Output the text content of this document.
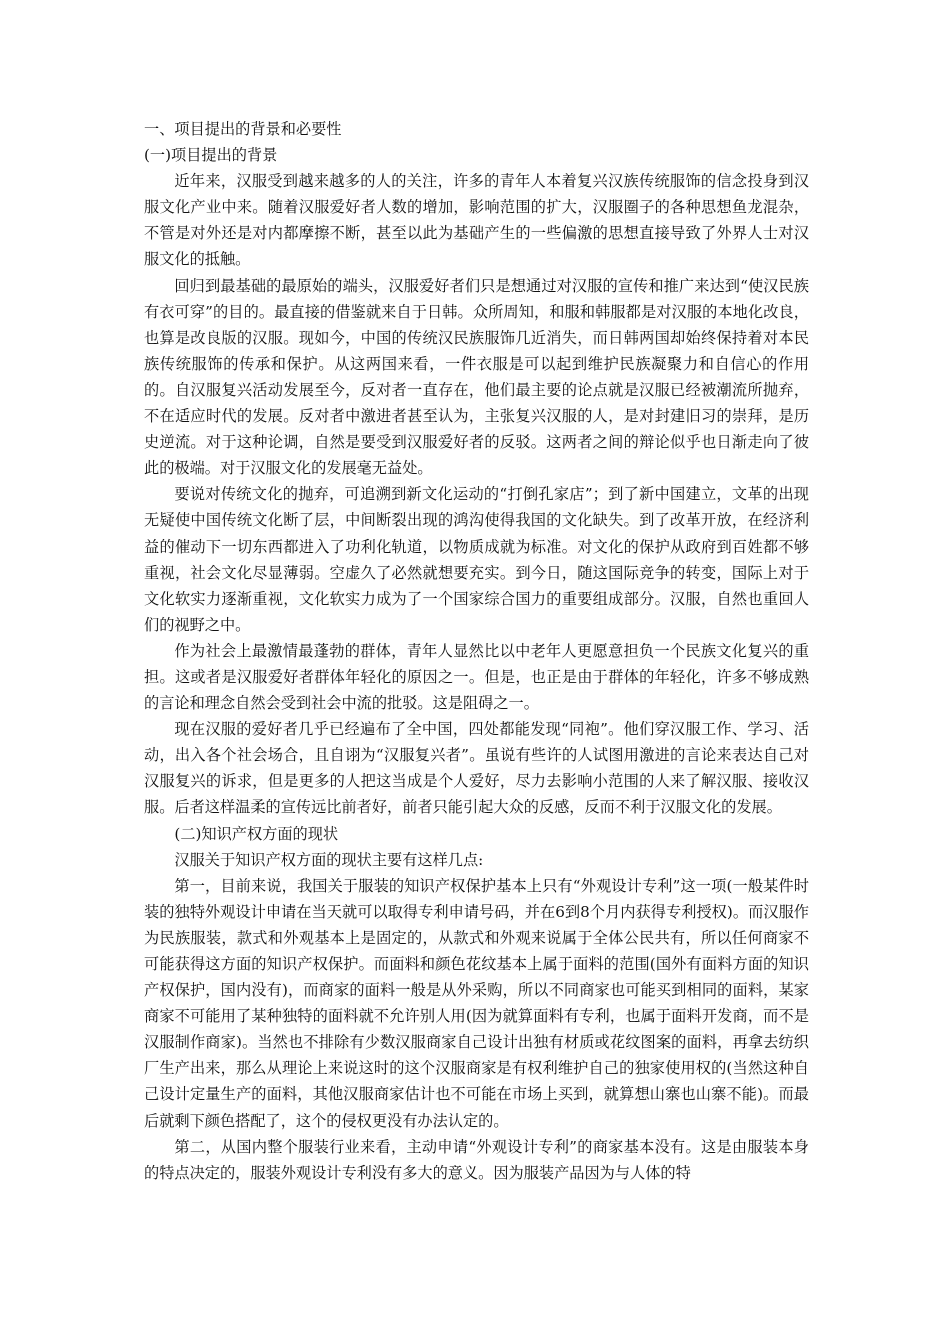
一、项目提出的背景和必要性

(一)项目提出的背景

近年来，汉服受到越来越多的人的关注，许多的青年人本着复兴汉族传统服饰的信念投身到汉服文化产业中来。随着汉服爱好者人数的增加，影响范围的扩大，汉服圈子的各种思想鱼龙混杂，不管是对外还是对内都摩擦不断，甚至以此为基础产生的一些偏激的思想直接导致了外界人士对汉服文化的抵触。

回归到最基础的最原始的端头，汉服爱好者们只是想通过对汉服的宣传和推广来达到“使汉民族有衣可穿”的目的。最直接的借鉴就来自于日韩。众所周知，和服和韩服都是对汉服的本地化改良，也算是改良版的汉服。现如今，中国的传统汉民族服饰几近消失，而日韩两国却始终保持着对本民族传统服饰的传承和保护。从这两国来看，一件衣服是可以起到维护民族凝聚力和自信心的作用的。自汉服复兴活动发展至今，反对者一直存在，他们最主要的论点就是汉服已经被潮流所抛弃，不在适应时代的发展。反对者中激进者甚至认为，主张复兴汉服的人，是对封建旧习的崇拜，是历史逆流。对于这种论调，自然是要受到汉服爱好者的反驳。这两者之间的辩论似乎也日渐走向了彼此的极端。对于汉服文化的发展毫无益处。

要说对传统文化的抛弃，可追溯到新文化运动的“打倒孔家店”；到了新中国建立，文革的出现无疑使中国传统文化断了层，中间断裂出现的鸿沟使得我国的文化缺失。到了改革开放，在经济利益的催动下一切东西都进入了功利化轨道，以物质成就为标准。对文化的保护从政府到百姓都不够重视，社会文化尽显薄弱。空虚久了必然就想要充实。到今日，随这国际竞争的转变，国际上对于文化软实力逐渐重视，文化软实力成为了一个国家综合国力的重要组成部分。汉服，自然也重回人们的视野之中。

作为社会上最激情最蓬勃的群体，青年人显然比以中老年人更愿意担负一个民族文化复兴的重担。这或者是汉服爱好者群体年轻化的原因之一。但是，也正是由于群体的年轻化，许多不够成熟的言论和理念自然会受到社会中流的批驳。这是阻碍之一。

现在汉服的爱好者几乎已经遍布了全中国，四处都能发现“同袍”。他们穿汉服工作、学习、活动，出入各个社会场合，且自诩为“汉服复兴者”。虽说有些许的人试图用激进的言论来表达自己对汉服复兴的诉求，但是更多的人把这当成是个人爱好，尽力去影响小范围的人来了解汉服、接收汉服。后者这样温柔的宣传远比前者好，前者只能引起大众的反感，反而不利于汉服文化的发展。

(二)知识产权方面的现状

汉服关于知识产权方面的现状主要有这样几点:

第一，目前来说，我国关于服装的知识产权保护基本上只有“外观设计专利”这一项(一般某件时装的独特外观设计申请在当天就可以取得专利申请号码，并在6到8个月内获得专利授权)。而汉服作为民族服装，款式和外观基本上是固定的，从款式和外观来说属于全体公民共有，所以任何商家不可能获得这方面的知识产权保护。而面料和颜色花纹基本上属于面料的范围(国外有面料方面的知识产权保护，国内没有)，而商家的面料一般是从外采购，所以不同商家也可能买到相同的面料，某家商家不可能用了某种独特的面料就不允许别人用(因为就算面料有专利，也属于面料开发商，而不是汉服制作商家)。当然也不排除有少数汉服商家自己设计出独有材质或花纹图案的面料，再拿去纺织厂生产出来，那么从理论上来说这时的这个汉服商家是有权利维护自己的独家使用权的(当然这种自己设计定量生产的面料，其他汉服商家估计也不可能在市场上买到，就算想山寨也山寨不能)。而最后就剩下颜色搭配了，这个的侵权更没有办法认定的。

第二，从国内整个服装行业来看，主动申请“外观设计专利”的商家基本没有。这是由服装本身的特点决定的，服装外观设计专利没有多大的意义。因为服装产品因为与人体的特
